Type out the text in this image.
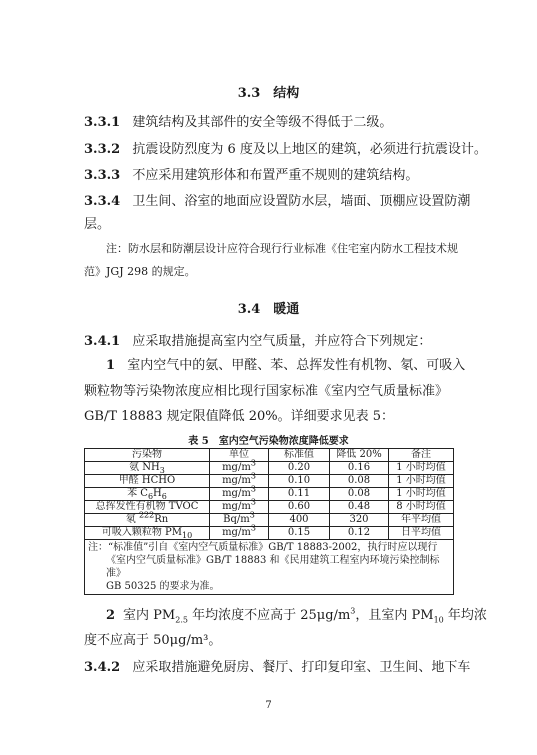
3.3　结构
3.3.1 建筑结构及其部件的安全等级不得低于二级。
3.3.2 抗震设防烈度为 6 度及以上地区的建筑，必须进行抗震设计。
3.3.3 不应采用建筑形体和布置严重不规则的建筑结构。
3.3.4 卫生间、浴室的地面应设置防水层，墙面、顶棚应设置防潮
层。
注：防水层和防潮层设计应符合现行行业标准《住宅室内防水工程技术规
范》JGJ 298 的规定。
3.4　暖通
3.4.1 应采取措施提高室内空气质量，并应符合下列规定：
1 室内空气中的氨、甲醛、苯、总挥发性有机物、氡、可吸入
颗粒物等污染物浓度应相比现行国家标准《室内空气质量标准》
GB/T 18883 规定限值降低 20%。详细要求见表 5：
表 5　室内空气污染物浓度降低要求
污染物	单位	标准值	降低 20%	备注
氨 $NH_3$	$mg/m^3$	0.20	0.16	1 小时均值
甲醛 HCHO	$mg/m^3$	0.10	0.08	1 小时均值
苯 $C_6H_6$	$mg/m^3$	0.11	0.08	1 小时均值
总挥发性有机物 TVOC	$mg/m^3$	0.60	0.48	8 小时均值
氡 $^{222}$Rn	$Bq/m^3$	400	320	年平均值
可吸入颗粒物 $PM_{10}$	$mg/m^3$	0.15	0.12	日平均值

注：“标准值”引自《室内空气质量标准》GB/T 18883-2002，执行时应以现行
《室内空气质量标准》GB/T 18883 和《民用建筑工程室内环境污染控制标准》
GB 50325 的要求为准。				
2 室内 $PM_{2.5}$ 年均浓度不应高于 $25\mu g/m^3$，且室内 $PM_{10}$ 年均浓
度不应高于 50μg/m³。
3.4.2 应采取措施避免厨房、餐厅、打印复印室、卫生间、地下车
7
